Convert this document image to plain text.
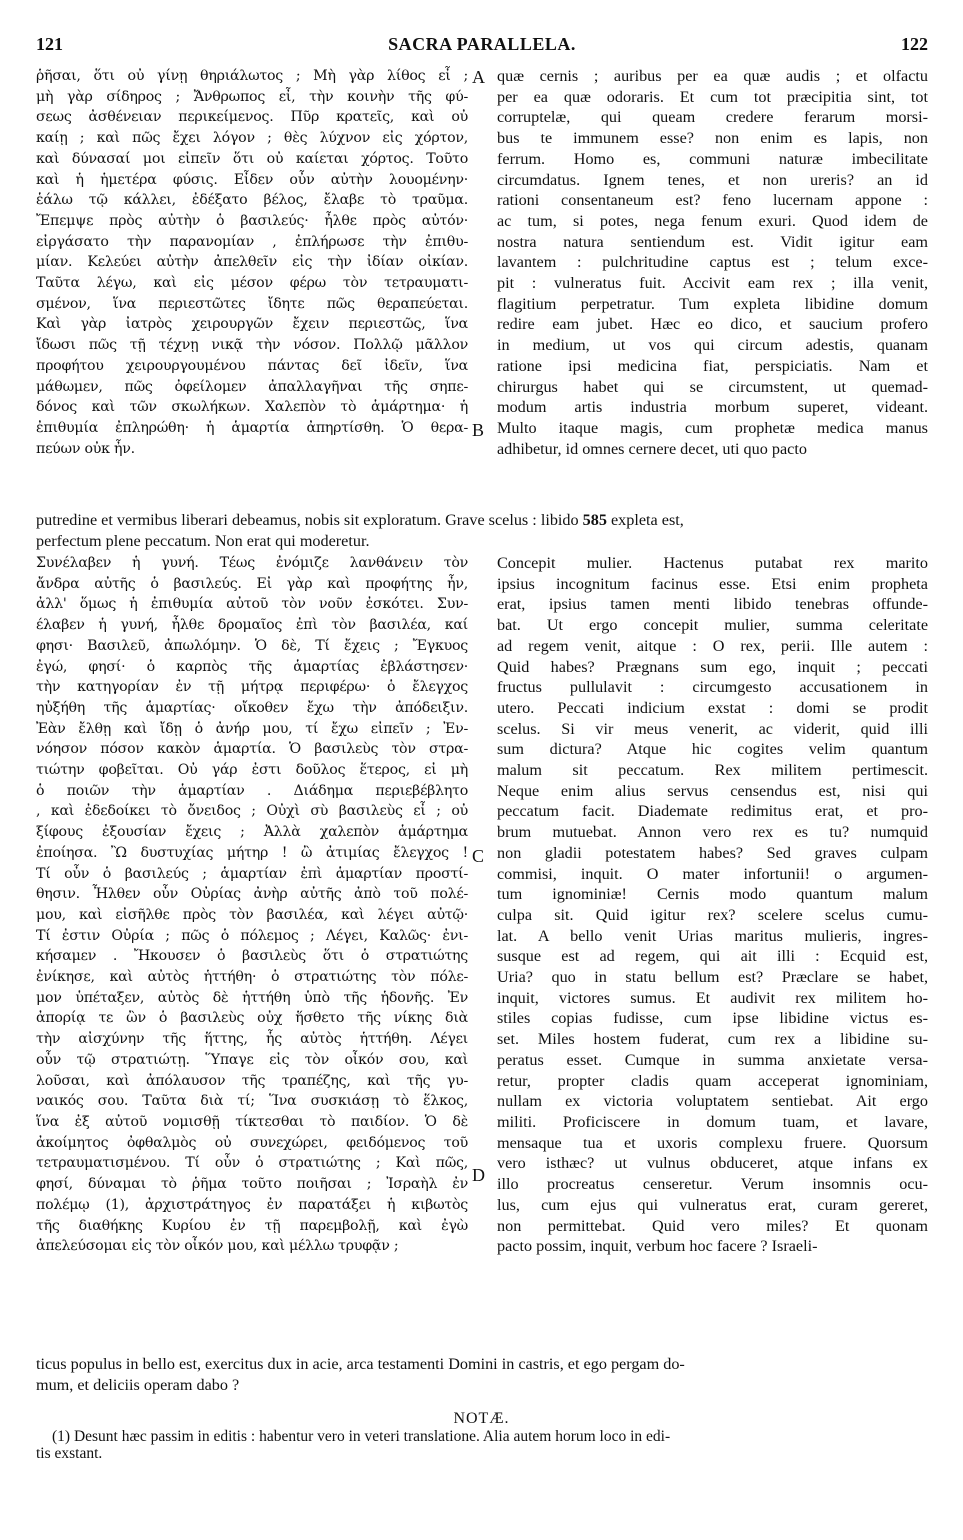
121	SACRA PARALLELA.	122
ῥῆσαι, ὅτι οὐ γίνῃ θηριάλωτος ; Μὴ γὰρ λίθος εἶ ;
μὴ γὰρ σίδηρος ; Ἄνθρωπος εἶ, τὴν κοινὴν τῆς φύ-
σεως ἀσθένειαν περικείμενος. Πῦρ κρατεῖς, καὶ οὐ
καίῃ ; καὶ πῶς ἔχει λόγον ; θὲς λύχνον εἰς χόρτον,
καὶ δύνασαί μοι εἰπεῖν ὅτι οὐ καίεται χόρτος. Τοῦτο
καὶ ἡ ἡμετέρα φύσις. Εἶδεν οὖν αὐτὴν λουομένην·
ἑάλω τῷ κάλλει, ἐδέξατο βέλος, ἔλαβε τὸ τραῦμα.
Ἔπεμψε πρὸς αὐτὴν ὁ βασιλεύς· ἦλθε πρὸς αὐτόν·
εἰργάσατο τὴν παρανομίαν , ἐπλήρωσε τὴν ἐπιθυ-
μίαν. Κελεύει αὐτὴν ἀπελθεῖν εἰς τὴν ἰδίαν οἰκίαν.
Ταῦτα λέγω, καὶ εἰς μέσον φέρω τὸν τετραυματι-
σμένον, ἵνα περιεστῶτες ἴδητε πῶς θεραπεύεται.
Καὶ γὰρ ἰατρὸς χειρουργῶν ἔχειν περιεστῶς, ἵνα
ἴδωσι πῶς τῇ τέχνῃ νικᾷ τὴν νόσον. Πολλῷ μᾶλλον
προφήτου χειρουργουμένου πάντας δεῖ ἰδεῖν, ἵνα
μάθωμεν, πῶς ὀφείλομεν ἀπαλλαγῆναι τῆς σηπε-
δόνος καὶ τῶν σκωλήκων. Χαλεπὸν τὸ ἁμάρτημα· ἡ
ἐπιθυμία ἐπληρώθη· ἡ ἁμαρτία ἀπηρτίσθη. Ὁ θερα-
πεύων οὐκ ἦν.
quæ cernis ; auribus per ea quæ audis ; et olfactu
per ea quæ odoraris. Et cum tot præcipitia sint, tot
corruptelæ, qui queam credere ferarum morsi-
bus te immunem esse? non enim es lapis, non
ferrum. Homo es, communi naturæ imbecilitate
circumdatus. Ignem tenes, et non ureris? an id
rationi consentaneum est? feno lucernam appone :
ac tum, si potes, nega fenum exuri. Quod idem de
nostra natura sentiendum est. Vidit igitur eam
lavantem : pulchritudine captus est ; telum exce-
pit : vulneratus fuit. Accivit eam rex ; illa venit,
flagitium perpetratur. Tum expleta libidine domum
redire eam jubet. Hæc eo dico, et saucium profero
in medium, ut vos qui circum adestis, quanam
ratione ipsi medicina fiat, perspiciatis. Nam et
chirurgus habet qui se circumstent, ut quemad-
modum artis industria morbum superet, videant.
Multo itaque magis, cum prophetæ medica manus
adhibetur, id omnes cernere decet, uti quo pacto
A
B
C
D
putredine et vermibus liberari debeamus, nobis sit exploratum. Grave scelus : libido 585 expleta est,
perfectum plene peccatum. Non erat qui moderetur.
Συνέλαβεν ἡ γυνή. Τέως ἐνόμιζε λανθάνειν τὸν
ἄνδρα αὐτῆς ὁ βασιλεύς. Εἰ γὰρ καὶ προφήτης ἦν,
ἀλλ' ὅμως ἡ ἐπιθυμία αὐτοῦ τὸν νοῦν ἐσκότει. Συν-
έλαβεν ἡ γυνή, ἦλθε δρομαῖος ἐπὶ τὸν βασιλέα, καί
φησι· Βασιλεῦ, ἀπωλόμην. Ὁ δὲ, Τί ἔχεις ; Ἔγκυος
ἐγώ, φησί· ὁ καρπὸς τῆς ἁμαρτίας ἐβλάστησεν·
τὴν κατηγορίαν ἐν τῇ μήτρᾳ περιφέρω· ὁ ἔλεγχος
ηὐξήθη τῆς ἁμαρτίας· οἴκοθεν ἔχω τὴν ἀπόδειξιν.
Ἐὰν ἔλθῃ καὶ ἴδῃ ὁ ἀνήρ μου, τί ἔχω εἰπεῖν ; Ἐν-
νόησον πόσον κακὸν ἁμαρτία. Ὁ βασιλεὺς τὸν στρα-
τιώτην φοβεῖται. Οὐ γάρ ἐστι δοῦλος ἕτερος, εἰ μὴ
ὁ ποιῶν τὴν ἁμαρτίαν . Διάδημα περιεβέβλητο
, καὶ ἐδεδοίκει τὸ ὄνειδος ; Οὐχὶ σὺ βασιλεὺς εἶ ; οὐ
ξίφους ἐξουσίαν ἔχεις ; Ἀλλὰ χαλεπὸν ἁμάρτημα
ἐποίησα. Ὢ δυστυχίας μήτηρ ! ὢ ἀτιμίας ἔλεγχος !
Τί οὖν ὁ βασιλεύς ; ἁμαρτίαν ἐπὶ ἁμαρτίαν προστί-
θησιν. Ἦλθεν οὖν Οὐρίας ἀνὴρ αὐτῆς ἀπὸ τοῦ πολέ-
μου, καὶ εἰσῆλθε πρὸς τὸν βασιλέα, καὶ λέγει αὐτῷ·
Τί ἐστιν Οὐρία ; πῶς ὁ πόλεμος ; Λέγει, Καλῶς· ἐνι-
κήσαμεν . Ἤκουσεν ὁ βασιλεὺς ὅτι ὁ στρατιώτης
ἐνίκησε, καὶ αὐτὸς ἡττήθη· ὁ στρατιώτης τὸν πόλε-
μον ὑπέταξεν, αὐτὸς δὲ ἡττήθη ὑπὸ τῆς ἡδονῆς. Ἐν
ἀπορίᾳ τε ὢν ὁ βασιλεὺς οὐχ ἥσθετο τῆς νίκης διὰ
τὴν αἰσχύνην τῆς ἥττης, ἧς αὐτὸς ἡττήθη. Λέγει
οὖν τῷ στρατιώτῃ. Ὕπαγε εἰς τὸν οἶκόν σου, καὶ
λοῦσαι, καὶ ἀπόλαυσον τῆς τραπέζης, καὶ τῆς γυ-
ναικός σου. Ταῦτα διὰ τί; Ἵνα συσκιάσῃ τὸ ἕλκος,
ἵνα ἐξ αὐτοῦ νομισθῇ τίκτεσθαι τὸ παιδίον. Ὁ δὲ
ἀκοίμητος ὀφθαλμὸς οὐ συνεχώρει, φειδόμενος τοῦ
τετραυματισμένου. Τί οὖν ὁ στρατιώτης ; Καὶ πῶς,
φησί, δύναμαι τὸ ῥῆμα τοῦτο ποιῆσαι ; Ἰσραὴλ ἐν
πολέμῳ (1), ἀρχιστράτηγος ἐν παρατάξει ἡ κιβωτὸς
τῆς διαθήκης Κυρίου ἐν τῇ παρεμβολῇ, καὶ ἐγὼ
ἀπελεύσομαι εἰς τὸν οἶκόν μου, καὶ μέλλω τρυφᾷν ;
Concepit mulier. Hactenus putabat rex marito
ipsius incognitum facinus esse. Etsi enim propheta
erat, ipsius tamen menti libido tenebras offunde-
bat. Ut ergo concepit mulier, summa celeritate
ad regem venit, aitque : O rex, perii. Ille autem :
Quid habes? Prægnans sum ego, inquit ; peccati
fructus pullulavit : circumgesto accusationem in
utero. Peccati indicium exstat : domi se prodit
scelus. Si vir meus venerit, ac viderit, quid illi
sum dictura? Atque hic cogites velim quantum
malum sit peccatum. Rex militem pertimescit.
Neque enim alius servus censendus est, nisi qui
peccatum facit. Diademate redimitus erat, et pro-
brum mutuebat. Annon vero rex es tu? numquid
non gladii potestatem habes? Sed graves culpam
commisi, inquit. O mater infortunii! o argumen-
tum ignominiæ! Cernis modo quantum malum
culpa sit. Quid igitur rex? scelere scelus cumu-
lat. A bello venit Urias maritus mulieris, ingres-
susque est ad regem, qui ait illi : Ecquid est,
Uria? quo in statu bellum est? Præclare se habet,
inquit, victores sumus. Et audivit rex militem ho-
stiles copias fudisse, cum ipse libidine victus es-
set. Miles hostem fuderat, cum rex a libidine su-
peratus esset. Cumque in summa anxietate versa-
retur, propter cladis quam acceperat ignominiam,
nullam ex victoria voluptatem sentiebat. Ait ergo
militi. Proficiscere in domum tuam, et lavare,
mensaque tua et uxoris complexu fruere. Quorsum
vero isthæc? ut vulnus obduceret, atque infans ex
illo procreatus censeretur. Verum insomnis ocu-
lus, cum ejus qui vulneratus erat, curam gereret,
non permittebat. Quid vero miles? Et quonam
pacto possim, inquit, verbum hoc facere ? Israeli-
ticus populus in bello est, exercitus dux in acie, arca testamenti Domini in castris, et ego pergam do-
mum, et deliciis operam dabo ?
NOTÆ.
(1) Desunt hæc passim in editis : habentur vero in veteri translatione. Alia autem horum loco in edi-
tis exstant.
